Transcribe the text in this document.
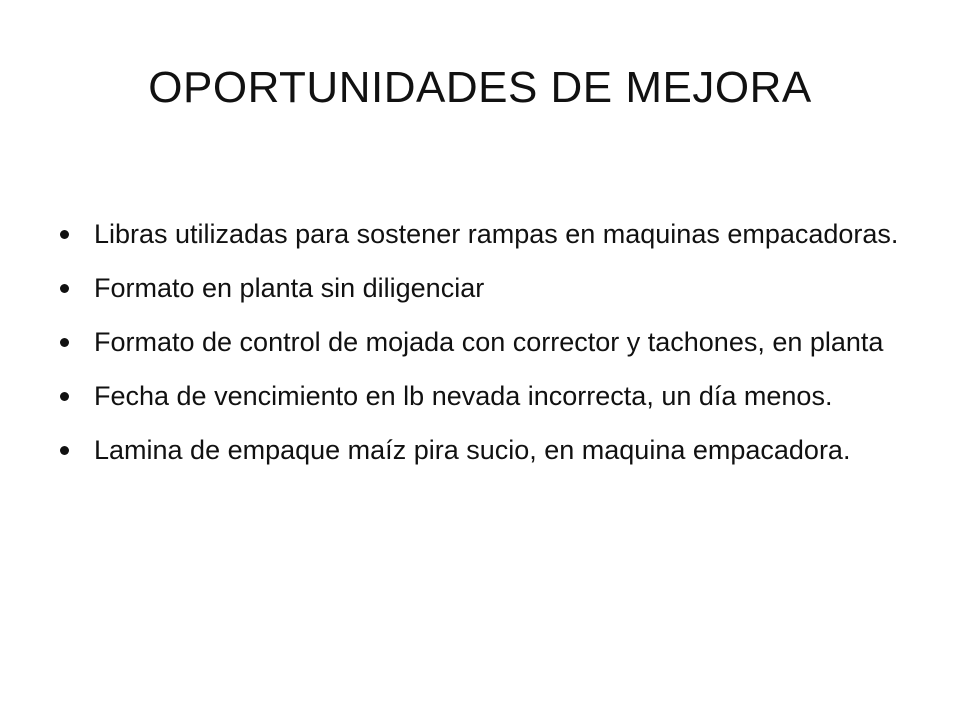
OPORTUNIDADES DE MEJORA
Libras utilizadas para sostener rampas en maquinas empacadoras.
Formato en planta sin diligenciar
Formato de control de mojada con corrector y tachones, en planta
Fecha de vencimiento en lb nevada incorrecta, un día menos.
Lamina de empaque maíz pira sucio, en maquina empacadora.
